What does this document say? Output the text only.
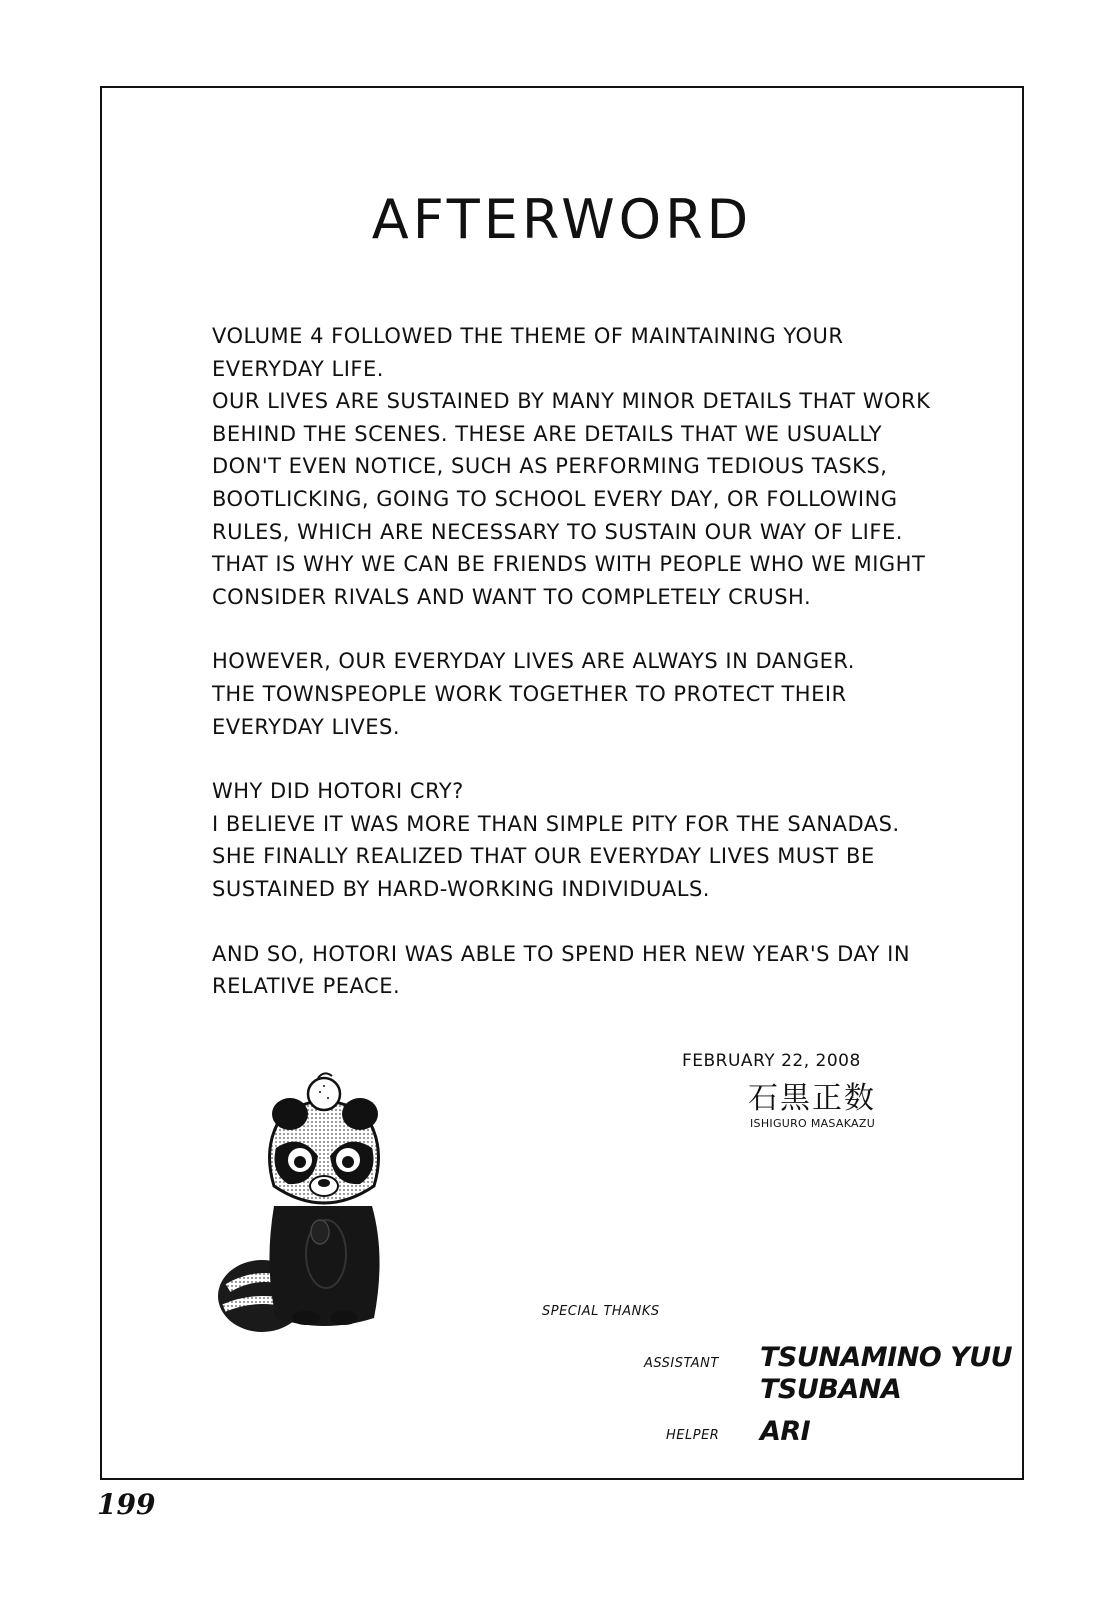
AFTERWORD
VOLUME 4 FOLLOWED THE THEME OF MAINTAINING YOUR
EVERYDAY LIFE.
OUR LIVES ARE SUSTAINED BY MANY MINOR DETAILS THAT WORK
BEHIND THE SCENES. THESE ARE DETAILS THAT WE USUALLY
DON'T EVEN NOTICE, SUCH AS PERFORMING TEDIOUS TASKS,
BOOTLICKING, GOING TO SCHOOL EVERY DAY, OR FOLLOWING
RULES, WHICH ARE NECESSARY TO SUSTAIN OUR WAY OF LIFE.
THAT IS WHY WE CAN BE FRIENDS WITH PEOPLE WHO WE MIGHT
CONSIDER RIVALS AND WANT TO COMPLETELY CRUSH.
HOWEVER, OUR EVERYDAY LIVES ARE ALWAYS IN DANGER.
THE TOWNSPEOPLE WORK TOGETHER TO PROTECT THEIR
EVERYDAY LIVES.
WHY DID HOTORI CRY?
I BELIEVE IT WAS MORE THAN SIMPLE PITY FOR THE SANADAS.
SHE FINALLY REALIZED THAT OUR EVERYDAY LIVES MUST BE
SUSTAINED BY HARD-WORKING INDIVIDUALS.
AND SO, HOTORI WAS ABLE TO SPEND HER NEW YEAR'S DAY IN
RELATIVE PEACE.
FEBRUARY 22, 2008
石黒正数
ISHIGURO MASAKAZU
SPECIAL THANKS
ASSISTANT TSUNAMINO YUU
TSUBANA
HELPER ARI
199
